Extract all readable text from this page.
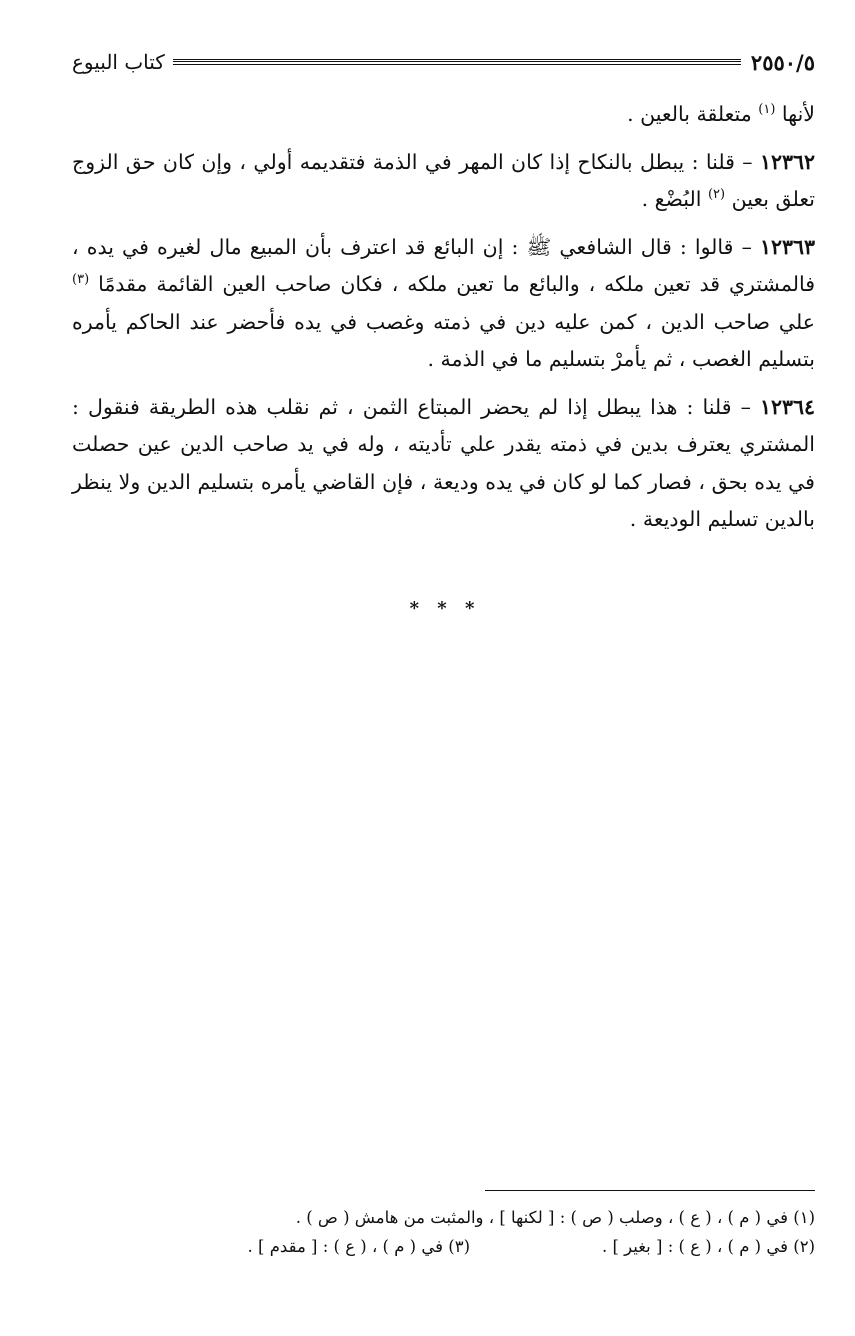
٢٥٥٠/٥
كتاب البيوع

لأنها $^{(١)}$ متعلقة بالعين .

١٢٣٦٢ – قلنا : يبطل بالنكاح إذا كان المهر في الذمة فتقديمه أولي ، وإن كان حق الزوج تعلق بعين $^{(٢)}$ البُضْع .

١٢٣٦٣ – قالوا : قال الشافعي ﷺ : إن البائع قد اعترف بأن المبيع مال لغيره في يده ، فالمشتري قد تعين ملكه ، والبائع ما تعين ملكه ، فكان صاحب العين القائمة مقدمًا $^{(٣)}$ علي صاحب الدين ، كمن عليه دين في ذمته وغصب في يده فأحضر عند الحاكم يأمره بتسليم الغصب ، ثم يأمرْ بتسليم ما في الذمة .

١٢٣٦٤ – قلنا : هذا يبطل إذا لم يحضر المبتاع الثمن ، ثم نقلب هذه الطريقة فنقول : المشتري يعترف بدين في ذمته يقدر علي تأديته ، وله في يد صاحب الدين عين حصلت في يده بحق ، فصار كما لو كان في يده وديعة ، فإن القاضي يأمره بتسليم الدين ولا ينظر بالدين تسليم الوديعة .

* * *
(١) في ( م ) ، ( ع ) ، وصلب ( ص ) : [ لكنها ] ، والمثبت من هامش ( ص ) .
(٢) في ( م ) ، ( ع ) : [ بغير ] .
(٣) في ( م ) ، ( ع ) : [ مقدم ] .
